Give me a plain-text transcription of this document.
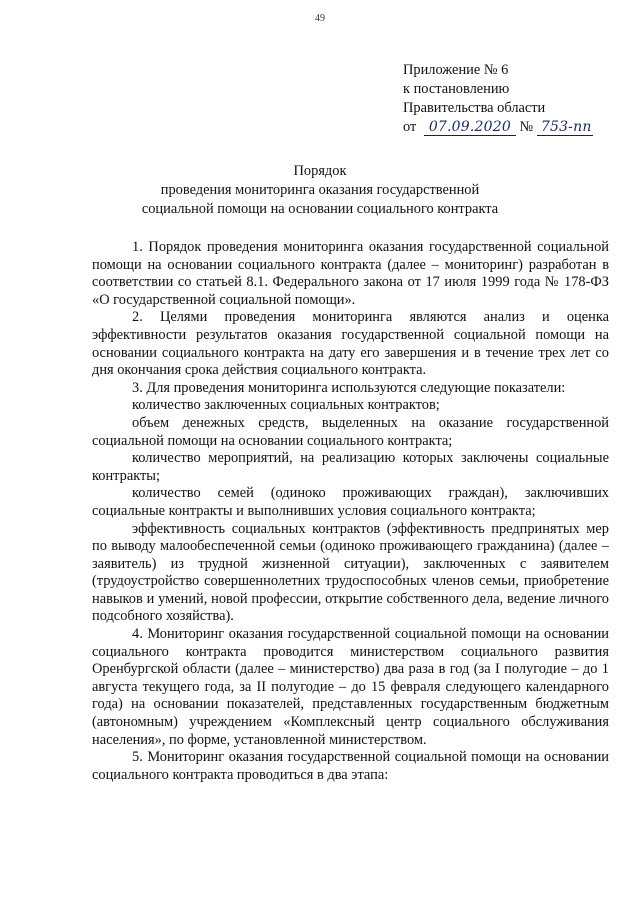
49
Приложение № 6
к постановлению
Правительства области
от 07.09.2020 № 753-пп
Порядок
проведения мониторинга оказания государственной
социальной помощи на основании социального контракта

1. Порядок проведения мониторинга оказания государственной социальной помощи на основании социального контракта (далее – мониторинг) разработан в соответствии со статьей 8.1. Федерального закона от 17 июля 1999 года № 178-ФЗ «О государственной социальной помощи».

2. Целями проведения мониторинга являются анализ и оценка эффективности результатов оказания государственной социальной помощи на основании социального контракта на дату его завершения и в течение трех лет со дня окончания срока действия социального контракта.

3. Для проведения мониторинга используются следующие показатели:

количество заключенных социальных контрактов;

объем денежных средств, выделенных на оказание государственной социальной помощи на основании социального контракта;

количество мероприятий, на реализацию которых заключены социальные контракты;

количество семей (одиноко проживающих граждан), заключивших социальные контракты и выполнивших условия социального контракта;

эффективность социальных контрактов (эффективность предпринятых мер по выводу малообеспеченной семьи (одиноко проживающего гражданина) (далее – заявитель) из трудной жизненной ситуации), заключенных с заявителем (трудоустройство совершеннолетних трудоспособных членов семьи, приобретение навыков и умений, новой профессии, открытие собственного дела, ведение личного подсобного хозяйства).

4. Мониторинг оказания государственной социальной помощи на основании социального контракта проводится министерством социального развития Оренбургской области (далее – министерство) два раза в год (за I полугодие – до 1 августа текущего года, за II полугодие – до 15 февраля следующего календарного года) на основании показателей, представленных государственным бюджетным (автономным) учреждением «Комплексный центр социального обслуживания населения», по форме, установленной министерством.

5. Мониторинг оказания государственной социальной помощи на основании социального контракта проводиться в два этапа:
